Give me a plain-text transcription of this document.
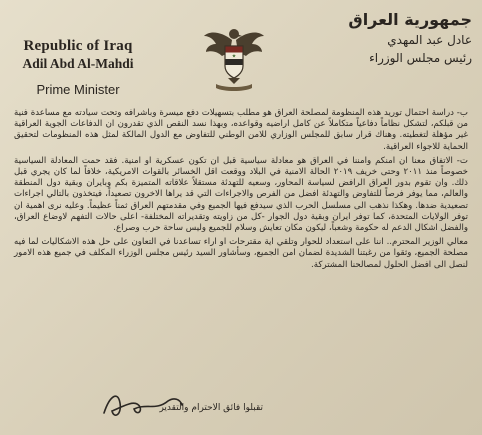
Republic of Iraq
Adil Abd Al-Mahdi
Prime Minister
★
جمهورية العراق
عادل عبد المهدي
رئيس مجلس الوزراء

ب- دراسة احتمال توريد هذه المنظومة لمصلحة العراق هو مطلب بتسهيلات دفع ميسرة وباشرافه وتحت سيادته مع مساعدة فنية من قبلكم، لتشكل نظاماً دفاعياً متكاملاً عن كامل اراضيه وقواعده، وبهذا نسد النقص الذي تقدرون ان الدفاعات الجوية العراقية غير مؤهلة لتغطيته. وهناك قرار سابق للمجلس الوزاري للامن الوطني للتفاوض مع الدول المالكة لمثل هذه المنظومات لتحقيق الحماية للاجواء العراقية.

ت- الاتفاق معنا ان امنكم وامننا في العراق هو معادلة سياسية قبل ان تكون عسكرية او امنية. فقد حمت المعادلة السياسية خصوصاً منذ ٢٠١١ وحتى خريف ٢٠١٩ الحالة الامنية في البلاد ووقعت اقل الخسائر بالقوات الامريكية، خلافاً لما كان يجري قبل ذلك. وان تقوم بدور العراق الرافض لسياسة المحاور، وسعيه للتهدئة مستقلاً علاقاته المتميزة بكم وبايران وبقية دول المنطقة والعالم، مما يوفر فرصاً للتفاوض والتهدئة افضل من الفرص والاجراءات التي قد يراها الاخرون تصعيداً، فيتخذون بالتالي اجراءات تصعيدية ضدها. وهكذا نذهب الى مسلسل الحرب الذي سيدفع فيها الجميع وفي مقدمتهم العراق ثمناً عظيماً. وعليه نرى اهمية ان توفر الولايات المتحدة، كما توفر ايران وبقية دول الجوار -كل من زاويته وتقديراته المختلفة- اعلى حالات التفهم لاوضاع العراق، والفضل اشكال الدعم له حكومة وشعباً، ليكون مكان تعايش وسلام للجميع وليس ساحة حرب وصراع.

معالي الوزير المحترم.. اننا على استعداد للحوار وتلقي اية مقترحات او اراء تساعدنا في التعاون على حل هذه الاشكاليات لما فيه مصلحة الجميع، وثقوا من رغبتنا الشديدة لضمان امن الجميع، وسأشاور السيد رئيس مجلس الوزراء المكلف في جميع هذه الامور لنصل الى افضل الحلول لمصالحنا المشتركة.

تقبلوا فائق الاحترام والتقدير
